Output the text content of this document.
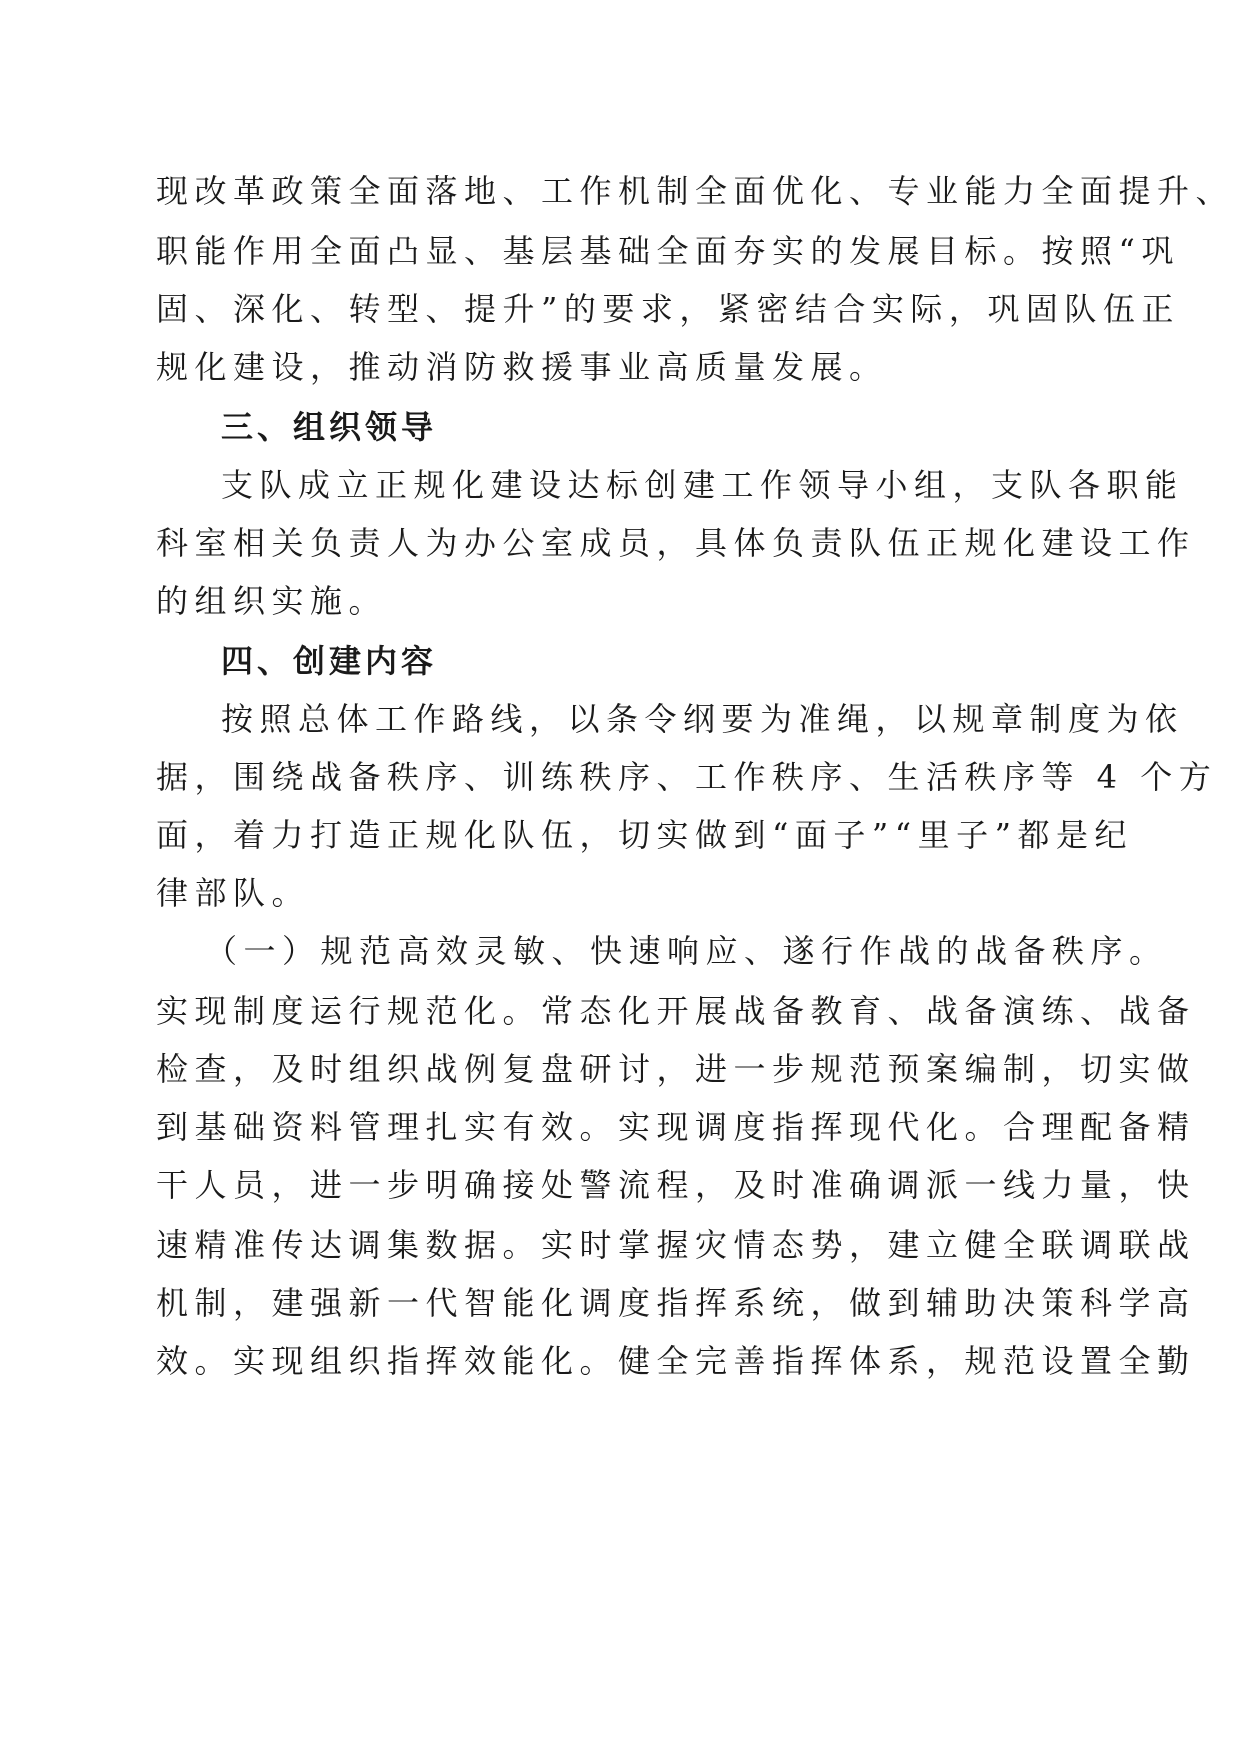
现改革政策全面落地、工作机制全面优化、专业能力全面提升、
职能作用全面凸显、基层基础全面夯实的发展目标。按照“巩
固、深化、转型、提升”的要求，紧密结合实际，巩固队伍正
规化建设，推动消防救援事业高质量发展。
三、组织领导
支队成立正规化建设达标创建工作领导小组，支队各职能
科室相关负责人为办公室成员，具体负责队伍正规化建设工作
的组织实施。
四、创建内容
按照总体工作路线，以条令纲要为准绳，以规章制度为依
据，围绕战备秩序、训练秩序、工作秩序、生活秩序等 4 个方
面，着力打造正规化队伍，切实做到“面子”“里子”都是纪
律部队。
（一）规范高效灵敏、快速响应、遂行作战的战备秩序。
实现制度运行规范化。常态化开展战备教育、战备演练、战备
检查，及时组织战例复盘研讨，进一步规范预案编制，切实做
到基础资料管理扎实有效。实现调度指挥现代化。合理配备精
干人员，进一步明确接处警流程，及时准确调派一线力量，快
速精准传达调集数据。实时掌握灾情态势，建立健全联调联战
机制，建强新一代智能化调度指挥系统，做到辅助决策科学高
效。实现组织指挥效能化。健全完善指挥体系，规范设置全勤
